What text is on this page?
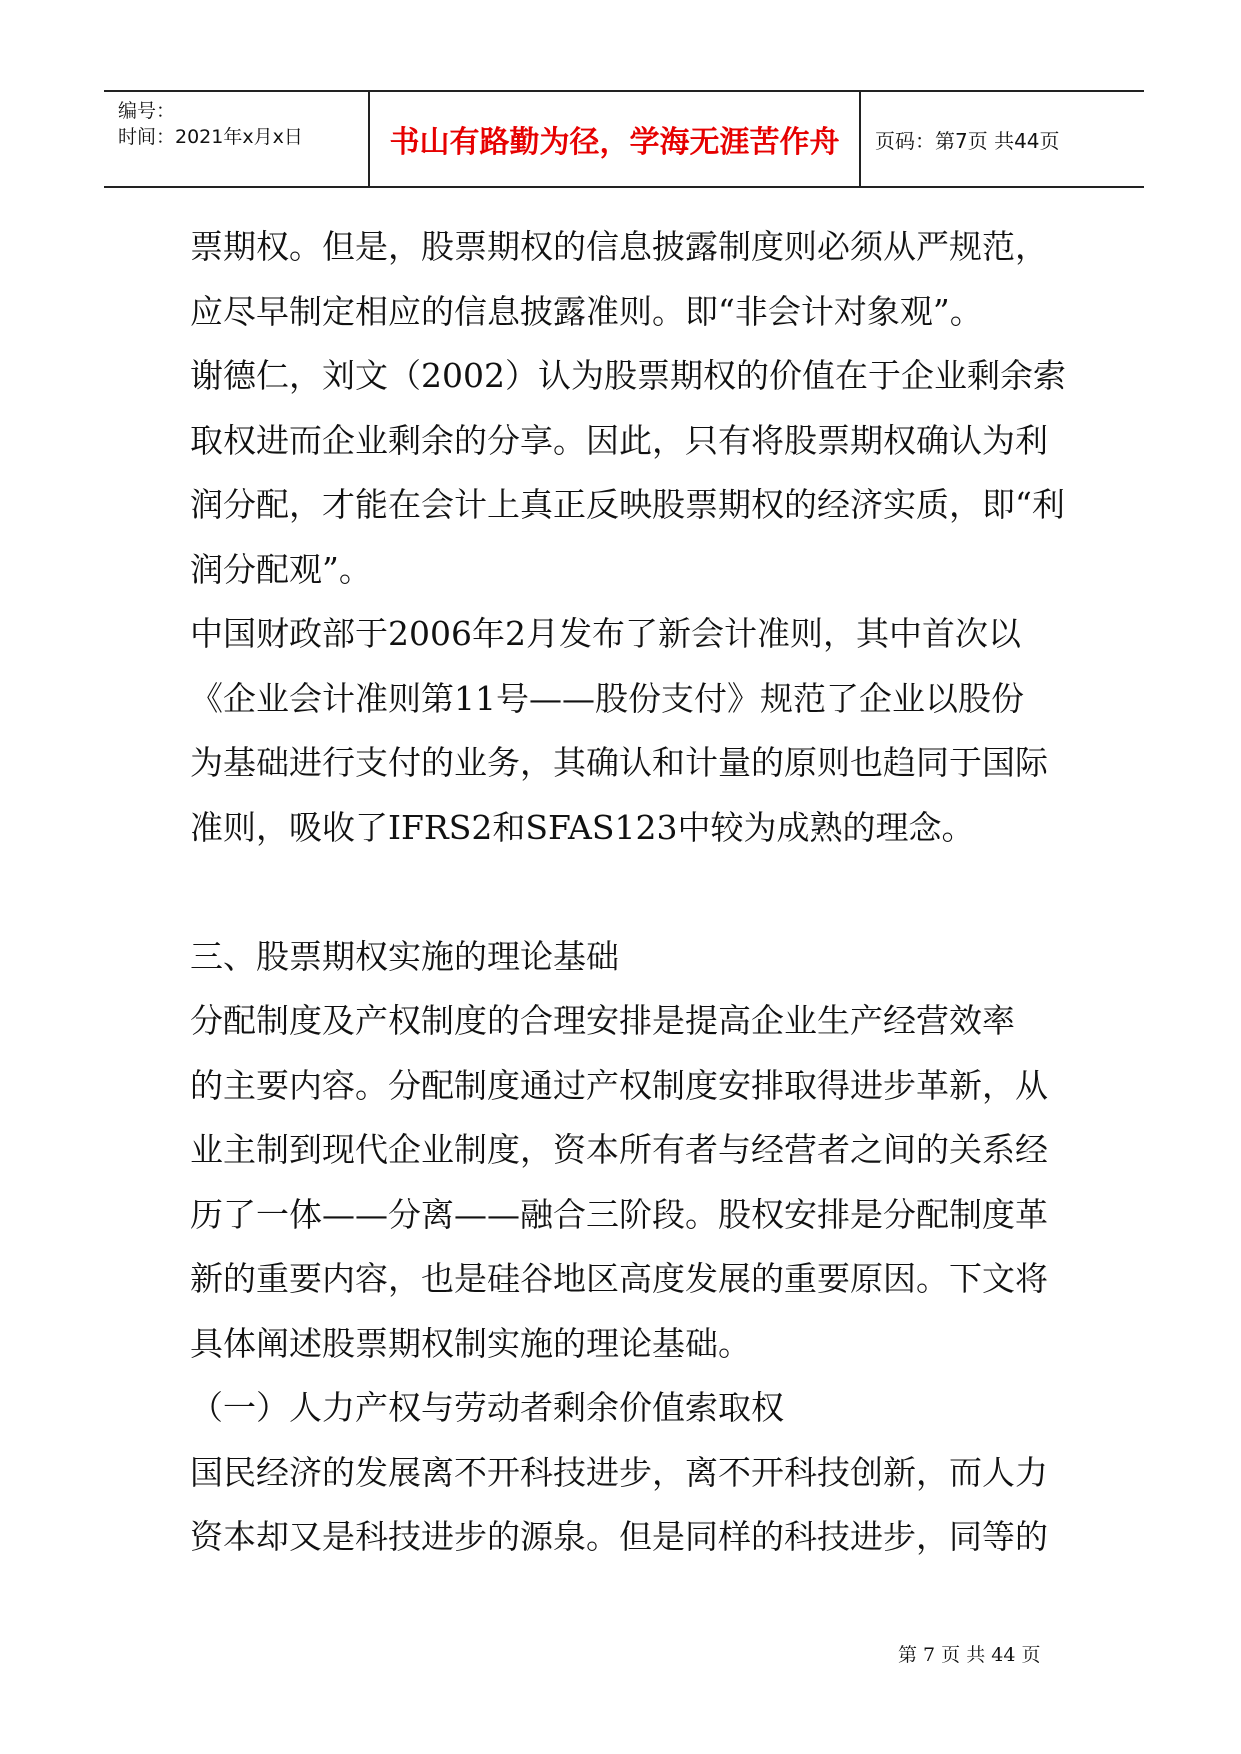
编号：
时间：2021年x月x日	书山有路勤为径，学海无涯苦作舟	页码：第7页 共44页

票期权。但是，股票期权的信息披露制度则必须从严规范，

应尽早制定相应的信息披露准则。即“非会计对象观”。

谢德仁，刘文（2002）认为股票期权的价值在于企业剩余索

取权进而企业剩余的分享。因此，只有将股票期权确认为利

润分配，才能在会计上真正反映股票期权的经济实质，即“利

润分配观”。

中国财政部于2006年2月发布了新会计准则，其中首次以

《企业会计准则第11号——股份支付》规范了企业以股份

为基础进行支付的业务，其确认和计量的原则也趋同于国际

准则，吸收了IFRS2和SFAS123中较为成熟的理念。

三、股票期权实施的理论基础

分配制度及产权制度的合理安排是提高企业生产经营效率

的主要内容。分配制度通过产权制度安排取得进步革新，从

业主制到现代企业制度，资本所有者与经营者之间的关系经

历了一体——分离——融合三阶段。股权安排是分配制度革

新的重要内容，也是硅谷地区高度发展的重要原因。下文将

具体阐述股票期权制实施的理论基础。

（一）人力产权与劳动者剩余价值索取权

国民经济的发展离不开科技进步，离不开科技创新，而人力

资本却又是科技进步的源泉。但是同样的科技进步，同等的

第 7 页 共 44 页
